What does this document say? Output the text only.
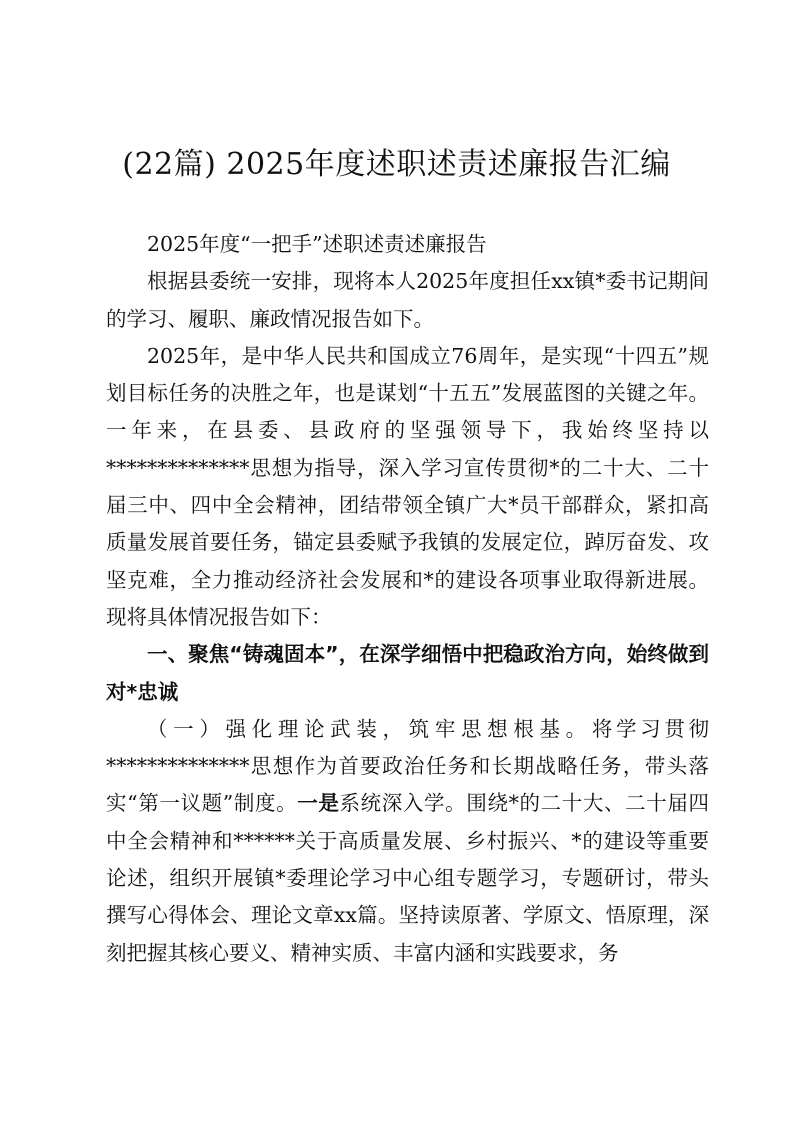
(22篇) 2025年度述职述责述廉报告汇编

2025年度“一把手”述职述责述廉报告

根据县委统一安排，现将本人2025年度担任xx镇*委书记期间的学习、履职、廉政情况报告如下。

2025年，是中华人民共和国成立76周年，是实现“十四五”规划目标任务的决胜之年，也是谋划“十五五”发展蓝图的关键之年。一年来，在县委、县政府的坚强领导下，我始终坚持以**************思想为指导，深入学习宣传贯彻*的二十大、二十届三中、四中全会精神，团结带领全镇广大*员干部群众，紧扣高质量发展首要任务，锚定县委赋予我镇的发展定位，踔厉奋发、攻坚克难，全力推动经济社会发展和*的建设各项事业取得新进展。现将具体情况报告如下：

一、聚焦“铸魂固本”，在深学细悟中把稳政治方向，始终做到对*忠诚

（一）强化理论武装，筑牢思想根基。将学习贯彻**************思想作为首要政治任务和长期战略任务，带头落实“第一议题”制度。一是系统深入学。围绕*的二十大、二十届四中全会精神和******关于高质量发展、乡村振兴、*的建设等重要论述，组织开展镇*委理论学习中心组专题学习，专题研讨，带头撰写心得体会、理论文章xx篇。坚持读原著、学原文、悟原理，深刻把握其核心要义、精神实质、丰富内涵和实践要求，务
